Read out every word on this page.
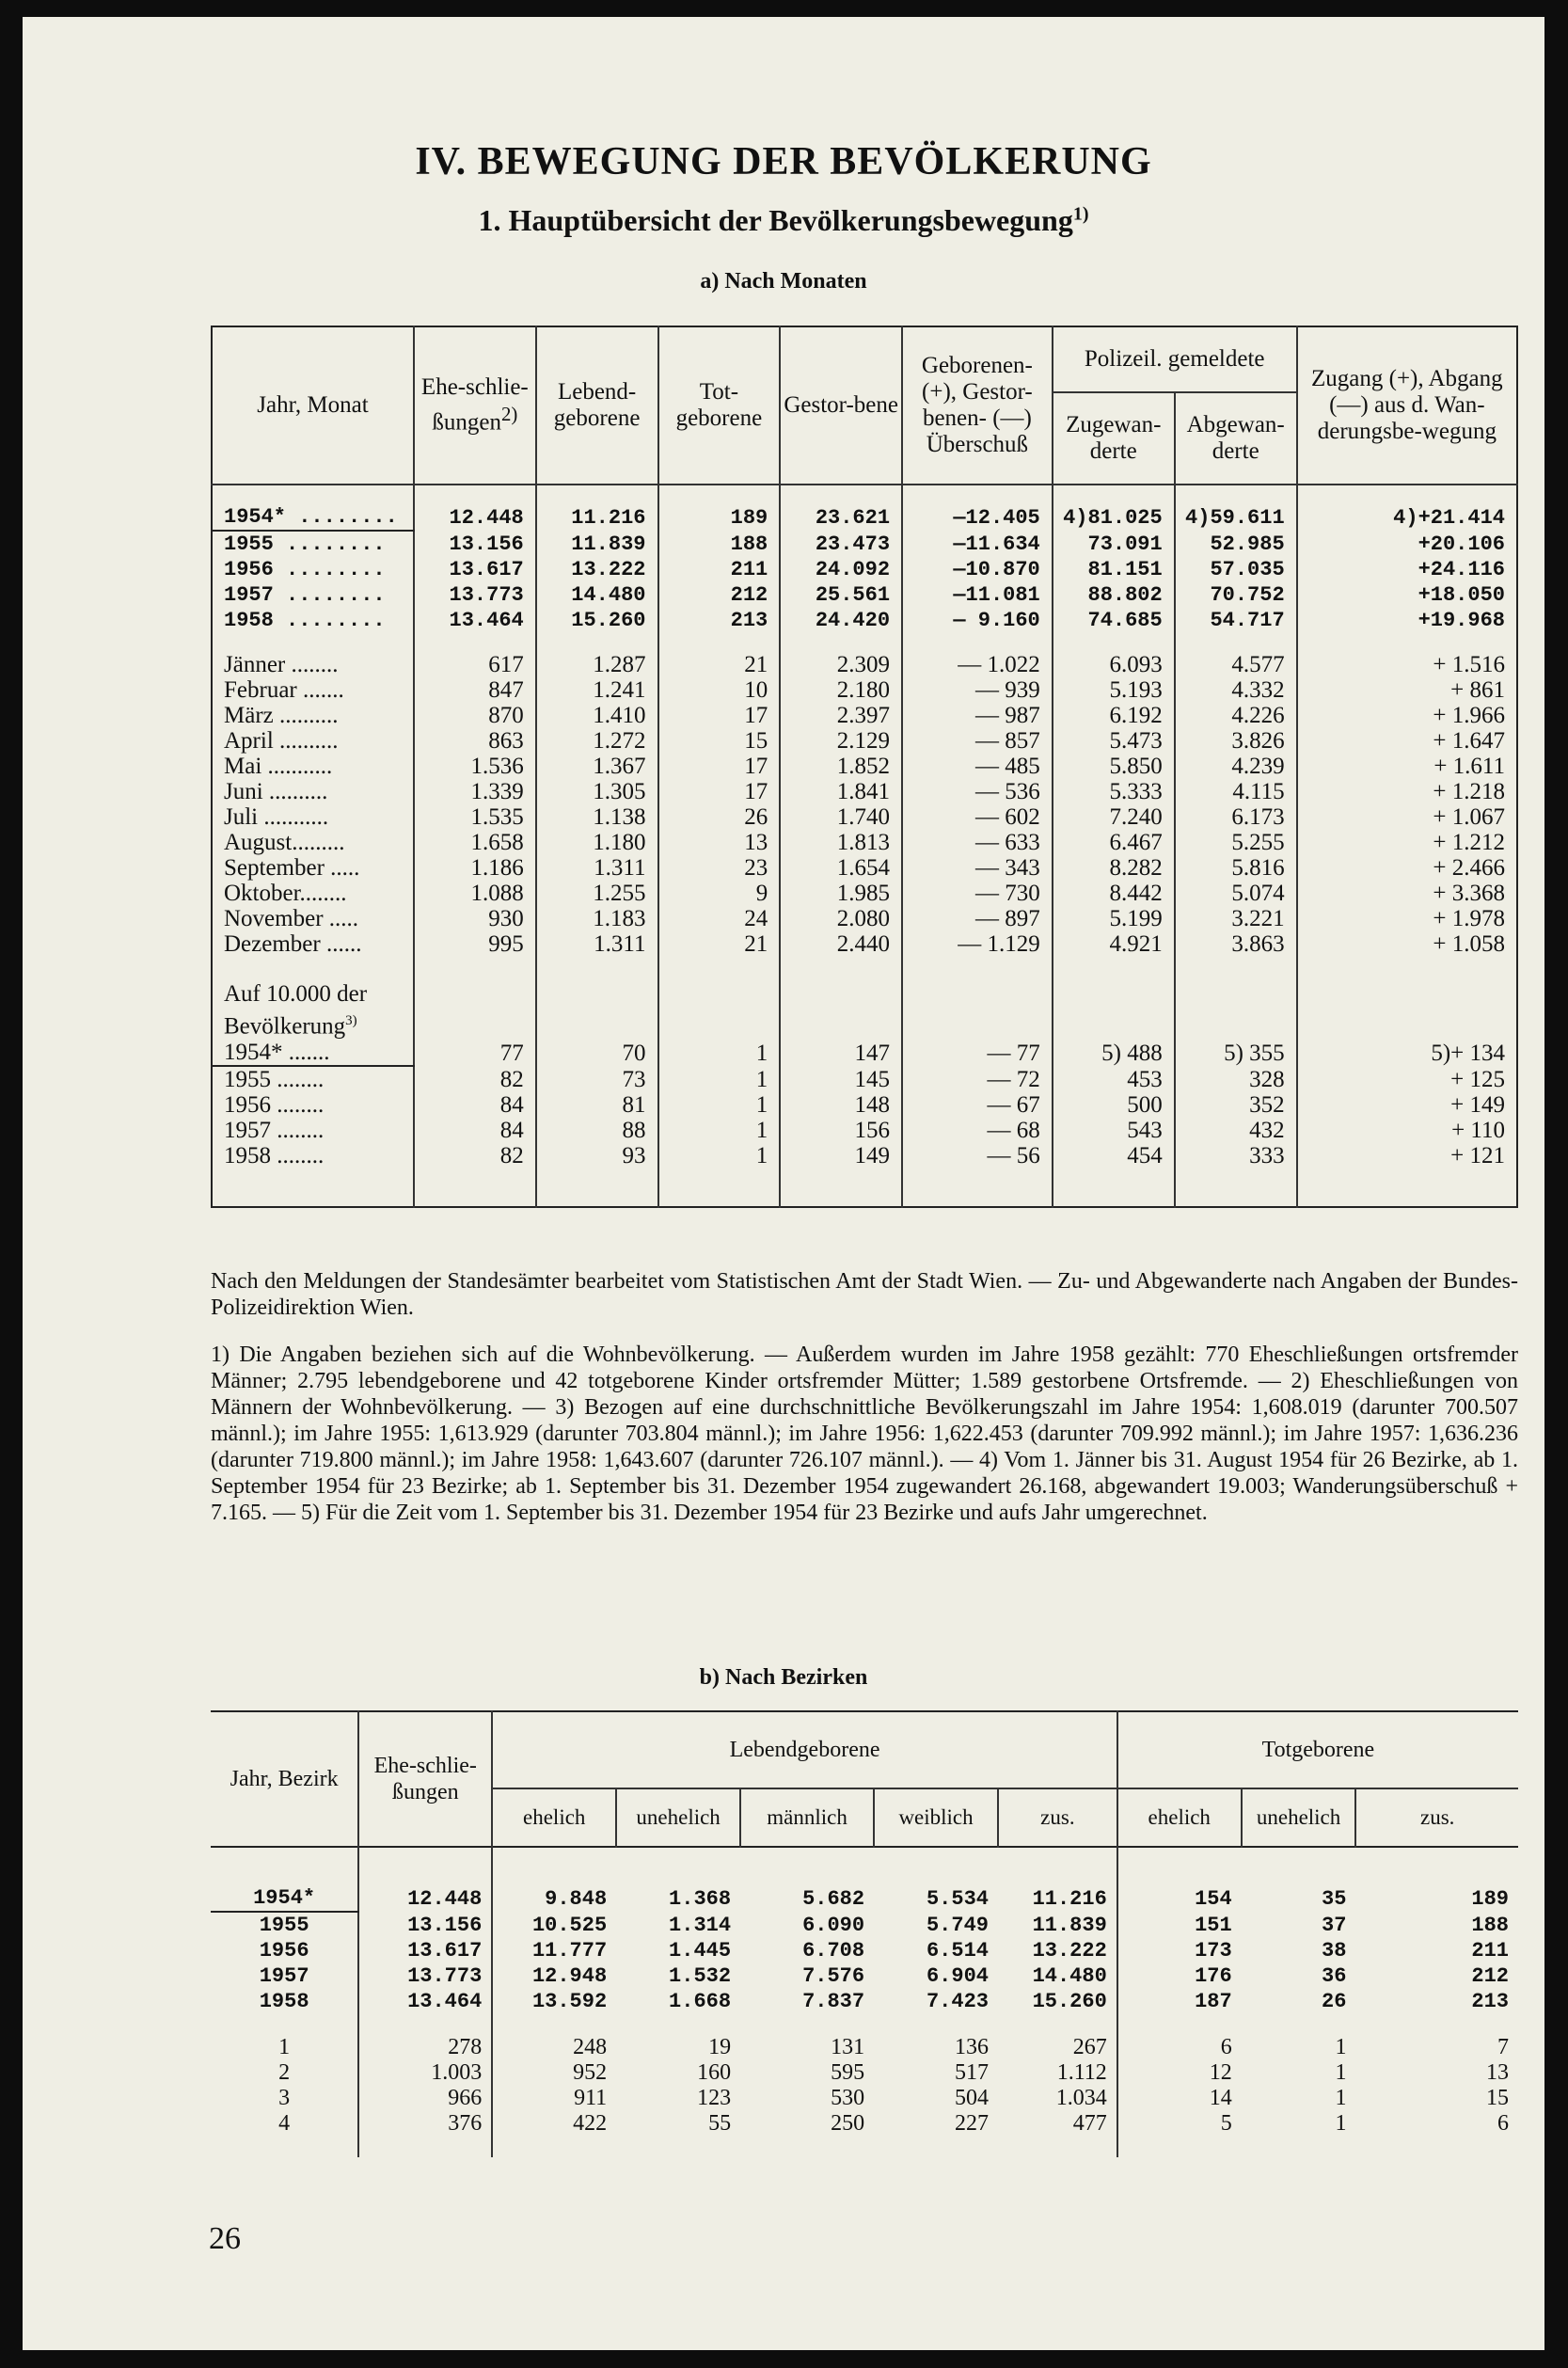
IV. BEWEGUNG DER BEVÖLKERUNG
1. Hauptübersicht der Bevölkerungsbewegung$^{1)}$
a) Nach Monaten
Jahr, Monat	Ehe-schlie-ßungen$^{2)}$	Lebend-geborene	Tot-geborene	Gestor-bene	Geborenen-(+), Gestor-benen- (—) Überschuß	Polizeil. gemeldete		Zugang (+), Abgang (—) aus d. Wan-derungsbe-wegung
						Zugewan-derte	Abgewan-derte	

1954* ........	12.448	11.216	189	23.621	—12.405	4)81.025	4)59.611	4)+21.414
1955 ........	13.156	11.839	188	23.473	—11.634	73.091	52.985	+20.106
1956 ........	13.617	13.222	211	24.092	—10.870	81.151	57.035	+24.116
1957 ........	13.773	14.480	212	25.561	—11.081	88.802	70.752	+18.050
1958 ........	13.464	15.260	213	24.420	— 9.160	74.685	54.717	+19.968

Jänner ........	617	1.287	21	2.309	— 1.022	6.093	4.577	+ 1.516
Februar .......	847	1.241	10	2.180	— 939	5.193	4.332	+ 861
März ..........	870	1.410	17	2.397	— 987	6.192	4.226	+ 1.966
April ..........	863	1.272	15	2.129	— 857	5.473	3.826	+ 1.647
Mai ...........	1.536	1.367	17	1.852	— 485	5.850	4.239	+ 1.611
Juni ..........	1.339	1.305	17	1.841	— 536	5.333	4.115	+ 1.218
Juli ...........	1.535	1.138	26	1.740	— 602	7.240	6.173	+ 1.067
August.........	1.658	1.180	13	1.813	— 633	6.467	5.255	+ 1.212
September .....	1.186	1.311	23	1.654	— 343	8.282	5.816	+ 2.466
Oktober........	1.088	1.255	9	1.985	— 730	8.442	5.074	+ 3.368
November .....	930	1.183	24	2.080	— 897	5.199	3.221	+ 1.978
Dezember ......	995	1.311	21	2.440	— 1.129	4.921	3.863	+ 1.058

Auf 10.000 der Bevölkerung$^{3)}$								
1954* .......	77	70	1	147	— 77	5) 488	5) 355	5)+ 134
1955 ........	82	73	1	145	— 72	453	328	+ 125
1956 ........	84	81	1	148	— 67	500	352	+ 149
1957 ........	84	88	1	156	— 68	543	432	+ 110
1958 ........	82	93	1	149	— 56	454	333	+ 121

Nach den Meldungen der Standesämter bearbeitet vom Statistischen Amt der Stadt Wien. — Zu- und Abgewanderte nach Angaben der Bundes-Polizeidirektion Wien.

1) Die Angaben beziehen sich auf die Wohnbevölkerung. — Außerdem wurden im Jahre 1958 gezählt: 770 Eheschließungen ortsfremder Männer; 2.795 lebendgeborene und 42 totgeborene Kinder ortsfremder Mütter; 1.589 gestorbene Ortsfremde. — 2) Eheschließungen von Männern der Wohnbevölkerung. — 3) Bezogen auf eine durchschnittliche Bevölkerungszahl im Jahre 1954: 1,608.019 (darunter 700.507 männl.); im Jahre 1955: 1,613.929 (darunter 703.804 männl.); im Jahre 1956: 1,622.453 (darunter 709.992 männl.); im Jahre 1957: 1,636.236 (darunter 719.800 männl.); im Jahre 1958: 1,643.607 (darunter 726.107 männl.). — 4) Vom 1. Jänner bis 31. August 1954 für 26 Bezirke, ab 1. September 1954 für 23 Bezirke; ab 1. September bis 31. Dezember 1954 zugewandert 26.168, abgewandert 19.003; Wanderungsüberschuß + 7.165. — 5) Für die Zeit vom 1. September bis 31. Dezember 1954 für 23 Bezirke und aufs Jahr umgerechnet.

b) Nach Bezirken
Jahr, Bezirk	Ehe-schlie-ßungen	Lebendgeborene					Totgeborene		
		ehelich	unehelich	männlich	weiblich	zus.	ehelich	unehelich	zus.

1954*	12.448	9.848	1.368	5.682	5.534	11.216	154	35	189
1955	13.156	10.525	1.314	6.090	5.749	11.839	151	37	188
1956	13.617	11.777	1.445	6.708	6.514	13.222	173	38	211
1957	13.773	12.948	1.532	7.576	6.904	14.480	176	36	212
1958	13.464	13.592	1.668	7.837	7.423	15.260	187	26	213

1	278	248	19	131	136	267	6	1	7
2	1.003	952	160	595	517	1.112	12	1	13
3	966	911	123	530	504	1.034	14	1	15
4	376	422	55	250	227	477	5	1	6

26
